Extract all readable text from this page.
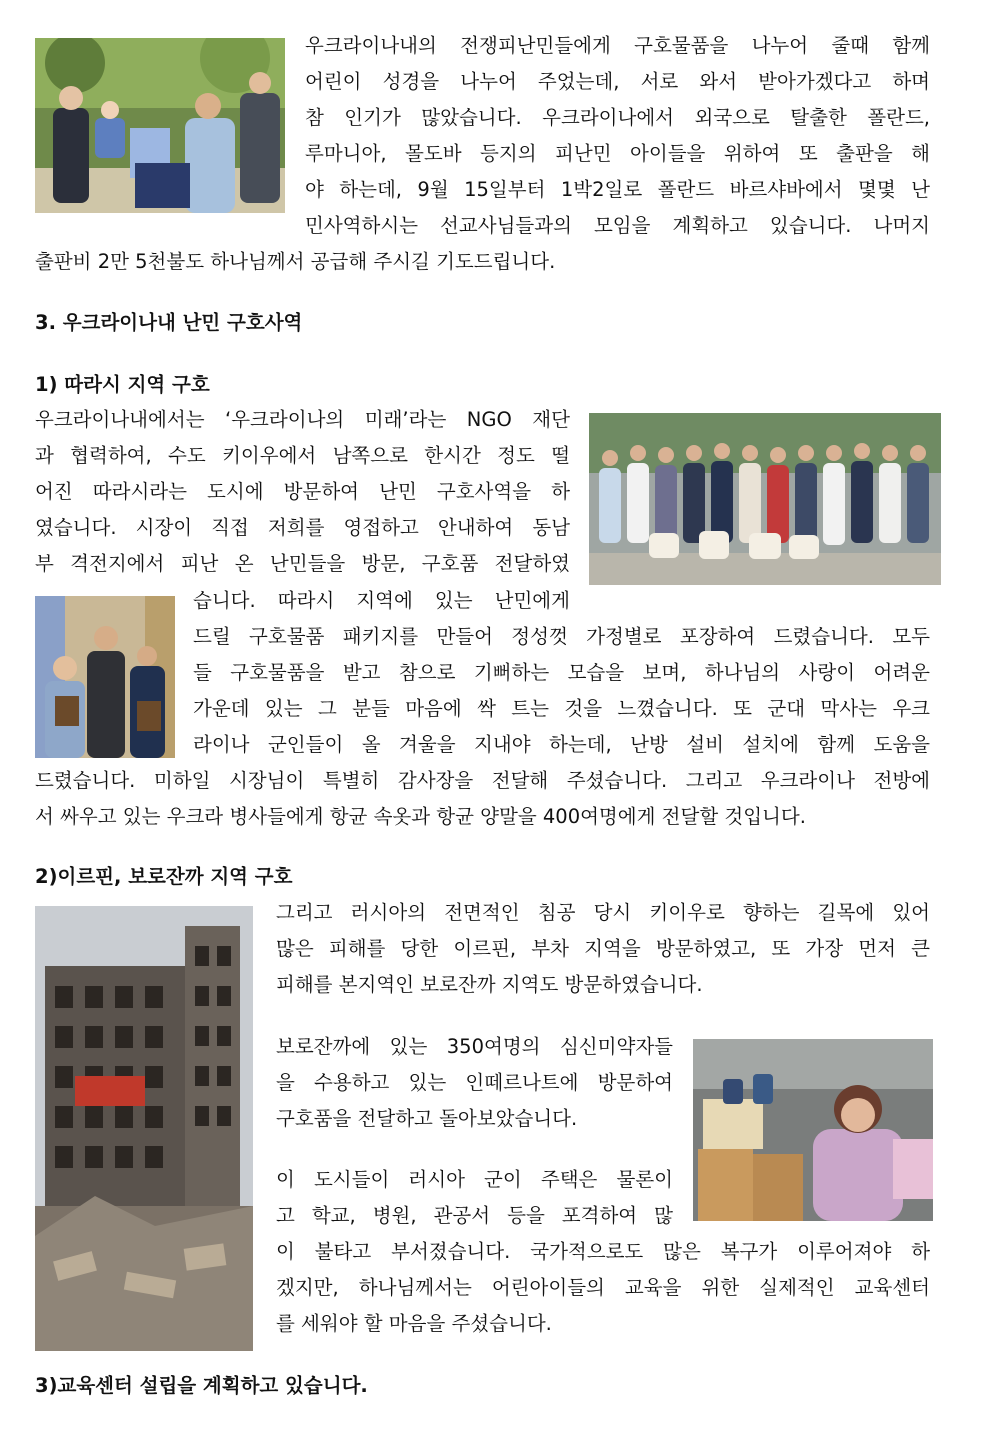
우크라이나내의 전쟁피난민들에게 구호물품을 나누어 줄때 함께
어린이 성경을 나누어 주었는데, 서로 와서 받아가겠다고 하며
참 인기가 많았습니다. 우크라이나에서 외국으로 탈출한 폴란드,
루마니아, 몰도바 등지의 피난민 아이들을 위하여 또 출판을 해
야 하는데, 9월 15일부터 1박2일로 폴란드 바르샤바에서 몇몇 난
민사역하시는 선교사님들과의 모임을 계획하고 있습니다. 나머지
출판비 2만 5천불도 하나님께서 공급해 주시길 기도드립니다.
3. 우크라이나내 난민 구호사역
1) 따라시 지역 구호
우크라이나내에서는 ‘우크라이나의 미래’라는 NGO 재단
과 협력하여, 수도 키이우에서 남쪽으로 한시간 정도 떨
어진 따라시라는 도시에 방문하여 난민 구호사역을 하
였습니다. 시장이 직접 저희를 영접하고 안내하여 동남
부 격전지에서 피난 온 난민들을 방문, 구호품 전달하였
습니다. 따라시 지역에 있는 난민에게
드릴 구호물품 패키지를 만들어 정성껏 가정별로 포장하여 드렸습니다. 모두
들 구호물품을 받고 참으로 기뻐하는 모습을 보며, 하나님의 사랑이 어려운
가운데 있는 그 분들 마음에 싹 트는 것을 느꼈습니다. 또 군대 막사는 우크
라이나 군인들이 올 겨울을 지내야 하는데, 난방 설비 설치에 함께 도움을
드렸습니다. 미하일 시장님이 특별히 감사장을 전달해 주셨습니다. 그리고 우크라이나 전방에
서 싸우고 있는 우크라 병사들에게 항균 속옷과 항균 양말을 400여명에게 전달할 것입니다.
2)이르핀, 보로잔까 지역 구호
그리고 러시아의 전면적인 침공 당시 키이우로 향하는 길목에 있어
많은 피해를 당한 이르핀, 부차 지역을 방문하였고, 또 가장 먼저 큰
피해를 본지역인 보로잔까 지역도 방문하였습니다.
보로잔까에 있는 350여명의 심신미약자들
을 수용하고 있는 인떼르나트에 방문하여
구호품을 전달하고 돌아보았습니다.
이 도시들이 러시아 군이 주택은 물론이
고 학교, 병원, 관공서 등을 포격하여 많
이 불타고 부서졌습니다. 국가적으로도 많은 복구가 이루어져야 하
겠지만, 하나님께서는 어린아이들의 교육을 위한 실제적인 교육센터
를 세워야 할 마음을 주셨습니다.
3)교육센터 설립을 계획하고 있습니다.
